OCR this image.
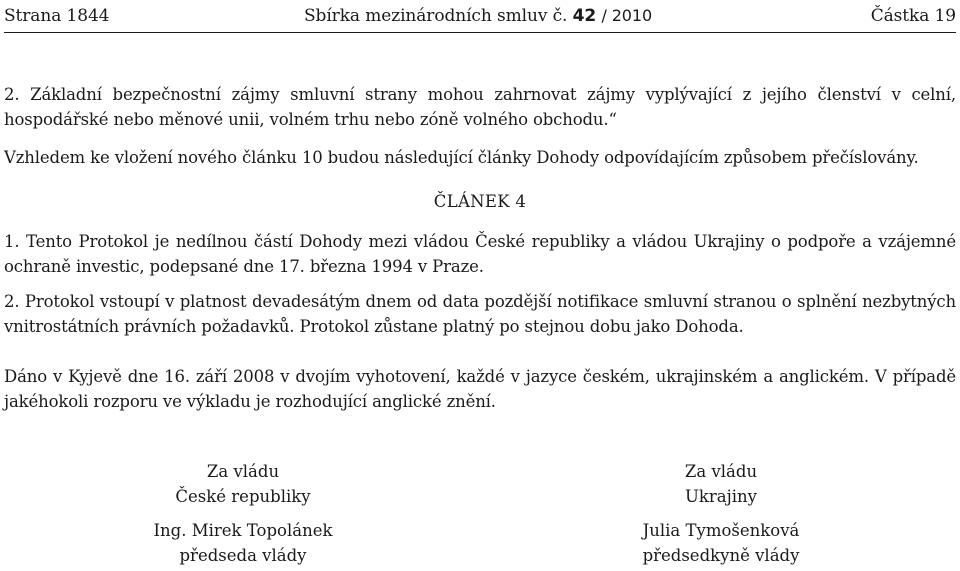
Strana 1844	Sbírka mezinárodních smluv č. 42 / 2010	Částka 19
2. Základní bezpečnostní zájmy smluvní strany mohou zahrnovat zájmy vyplývající z jejího členství v celní, hospodářské nebo měnové unii, volném trhu nebo zóně volného obchodu.“
Vzhledem ke vložení nového článku 10 budou následující články Dohody odpovídajícím způsobem přečíslovány.
ČLÁNEK 4
1. Tento Protokol je nedílnou částí Dohody mezi vládou České republiky a vládou Ukrajiny o podpoře a vzájemné ochraně investic, podepsané dne 17. března 1994 v Praze.
2. Protokol vstoupí v platnost devadesátým dnem od data pozdější notifikace smluvní stranou o splnění nezbytných vnitrostátních právních požadavků. Protokol zůstane platný po stejnou dobu jako Dohoda.
Dáno v Kyjevě dne 16. září 2008 v dvojím vyhotovení, každé v jazyce českém, ukrajinském a anglickém. V případě jakéhokoli rozporu ve výkladu je rozhodující anglické znění.
Za vládu
České republiky
Ing. Mirek Topolánek
předseda vlády
Za vládu
Ukrajiny
Julia Tymošenková
předsedkyně vlády
